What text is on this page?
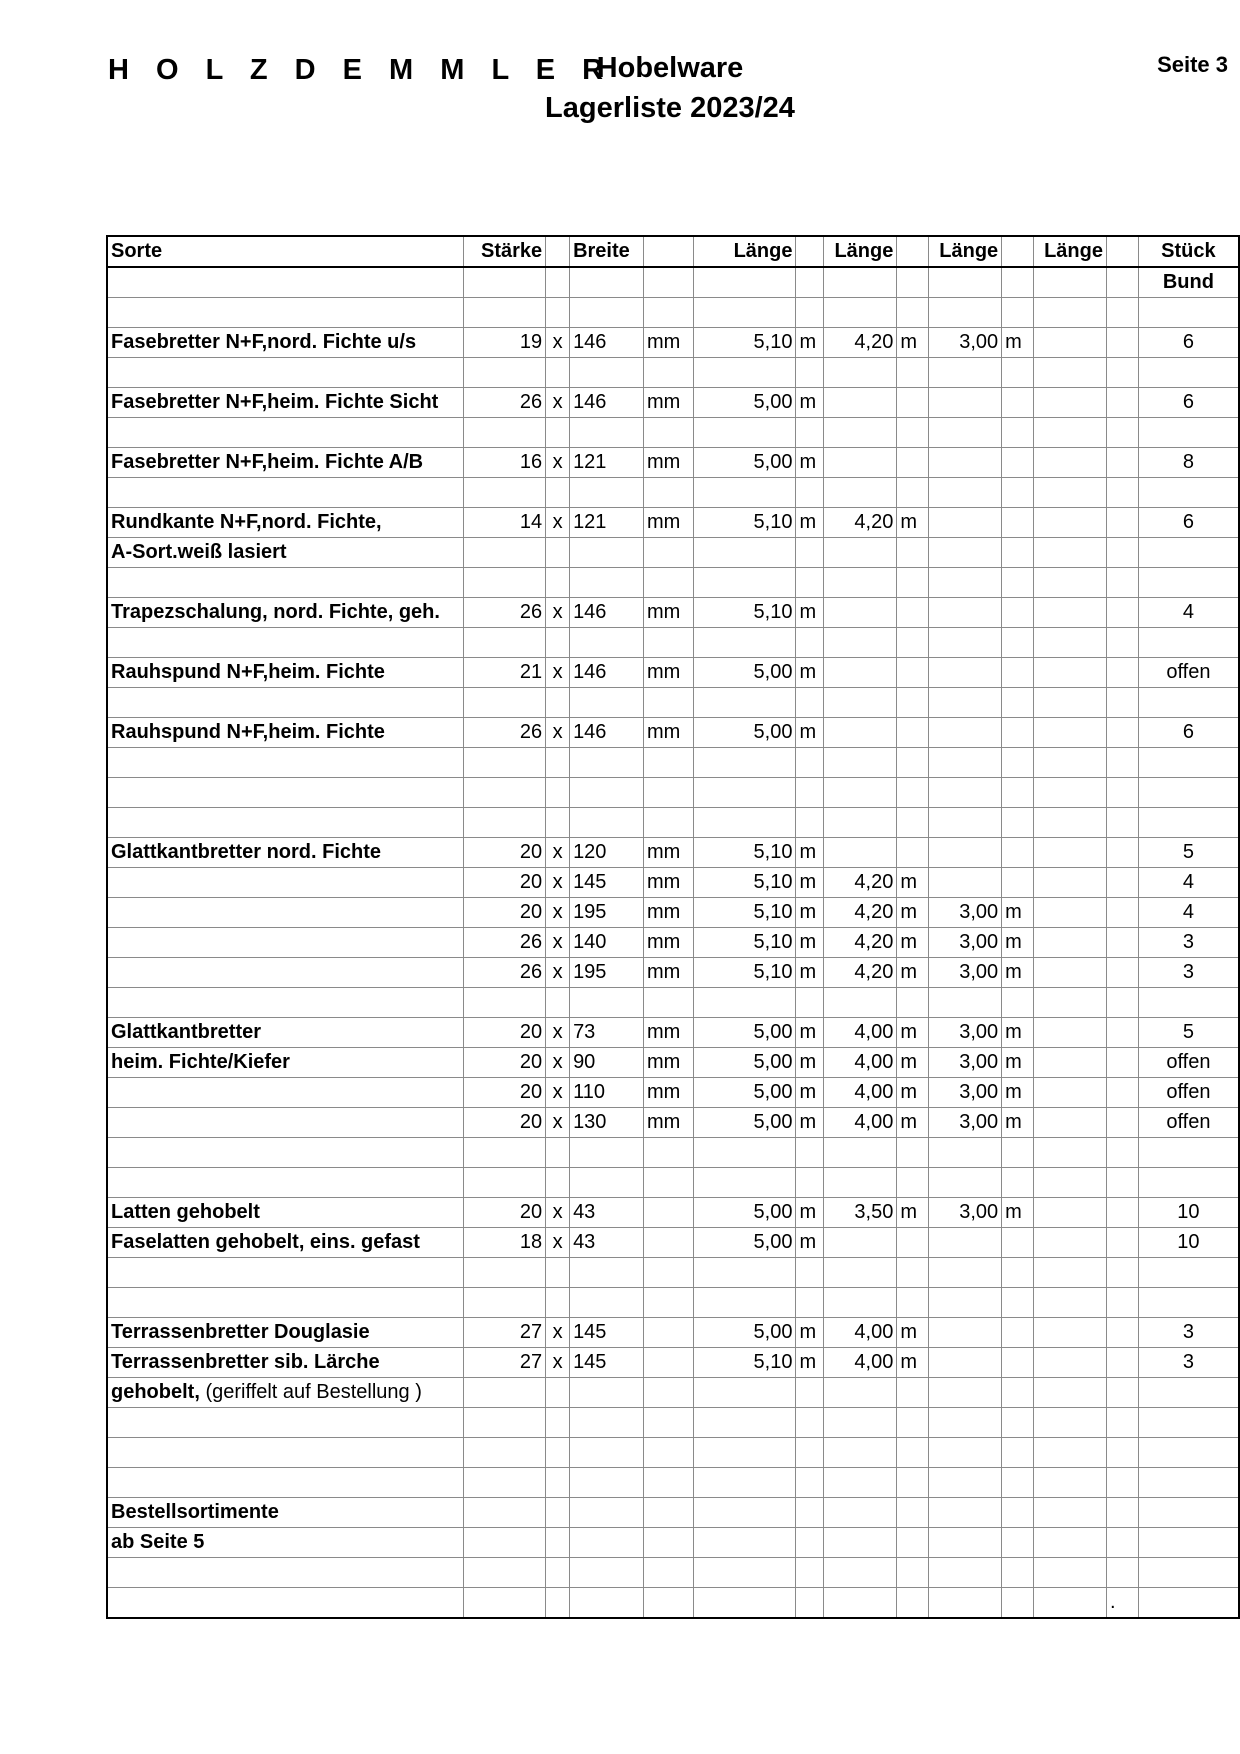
H O L Z D E M M L E R
Hobelware
Lagerliste 2023/24
Seite 3
Sorte	Stärke		Breite		Länge		Länge		Länge		Länge		Stück
													Bund

Fasebretter N+F,nord. Fichte u/s	19	x	146	mm	5,10	m	4,20	m	3,00	m			6

Fasebretter N+F,heim. Fichte Sicht	26	x	146	mm	5,00	m							6

Fasebretter N+F,heim. Fichte A/B	16	x	121	mm	5,00	m							8

Rundkante N+F,nord. Fichte,	14	x	121	mm	5,10	m	4,20	m					6
A-Sort.weiß lasiert													

Trapezschalung, nord. Fichte, geh.	26	x	146	mm	5,10	m							4

Rauhspund N+F,heim. Fichte	21	x	146	mm	5,00	m							offen

Rauhspund N+F,heim. Fichte	26	x	146	mm	5,00	m							6

Glattkantbretter nord. Fichte	20	x	120	mm	5,10	m							5
	20	x	145	mm	5,10	m	4,20	m					4
	20	x	195	mm	5,10	m	4,20	m	3,00	m			4
	26	x	140	mm	5,10	m	4,20	m	3,00	m			3
	26	x	195	mm	5,10	m	4,20	m	3,00	m			3

Glattkantbretter	20	x	73	mm	5,00	m	4,00	m	3,00	m			5
heim. Fichte/Kiefer	20	x	90	mm	5,00	m	4,00	m	3,00	m			offen
	20	x	110	mm	5,00	m	4,00	m	3,00	m			offen
	20	x	130	mm	5,00	m	4,00	m	3,00	m			offen

Latten gehobelt	20	x	43		5,00	m	3,50	m	3,00	m			10
Faselatten gehobelt, eins. gefast	18	x	43		5,00	m							10

Terrassenbretter Douglasie	27	x	145		5,00	m	4,00	m					3
Terrassenbretter sib. Lärche	27	x	145		5,10	m	4,00	m					3
gehobelt, (geriffelt auf Bestellung )													

Bestellsortimente													
ab Seite 5													

												.	
